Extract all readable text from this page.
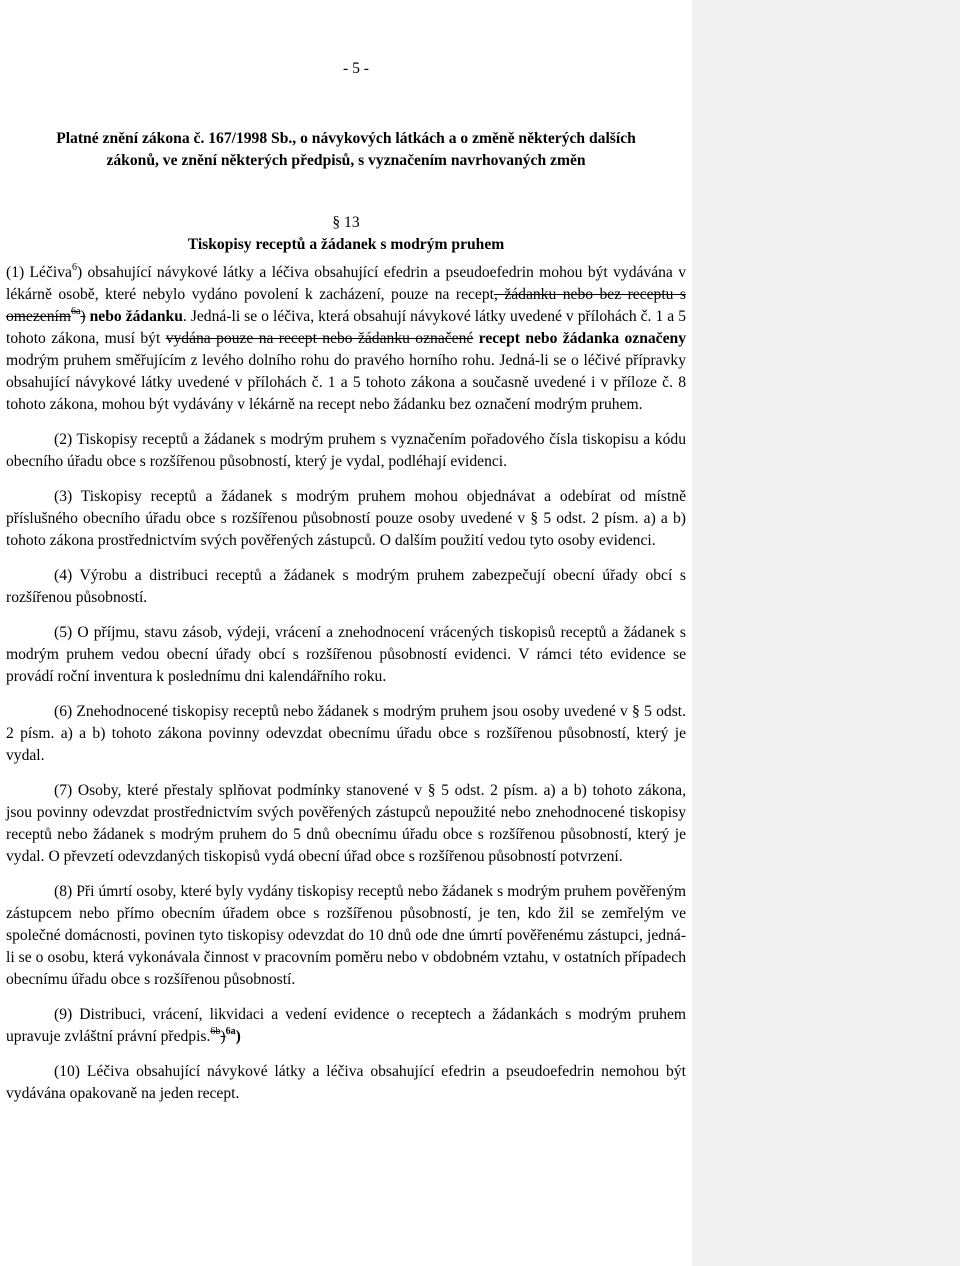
- 5 -
Platné znění zákona č. 167/1998 Sb., o návykových látkách a o změně některých dalších
zákonů, ve znění některých předpisů, s vyznačením navrhovaných změn
§ 13
Tiskopisy receptů a žádanek s modrým pruhem

(1) Léčiva$^6$) obsahující návykové látky a léčiva obsahující efedrin a pseudoefedrin mohou být vydávána v lékárně osobě, které nebylo vydáno povolení k zacházení, pouze na recept, žádanku nebo bez receptu s omezením$^{6a}$) nebo žádanku. Jedná-li se o léčiva, která obsahují návykové látky uvedené v přílohách č. 1 a 5 tohoto zákona, musí být vydána pouze na recept nebo žádanku označené recept nebo žádanka označeny modrým pruhem směřujícím z levého dolního rohu do pravého horního rohu. Jedná-li se o léčivé přípravky obsahující návykové látky uvedené v přílohách č. 1 a 5 tohoto zákona a současně uvedené i v příloze č. 8 tohoto zákona, mohou být vydávány v lékárně na recept nebo žádanku bez označení modrým pruhem.

(2) Tiskopisy receptů a žádanek s modrým pruhem s vyznačením pořadového čísla tiskopisu a kódu obecního úřadu obce s rozšířenou působností, který je vydal, podléhají evidenci.

(3) Tiskopisy receptů a žádanek s modrým pruhem mohou objednávat a odebírat od místně příslušného obecního úřadu obce s rozšířenou působností pouze osoby uvedené v § 5 odst. 2 písm. a) a b) tohoto zákona prostřednictvím svých pověřených zástupců. O dalším použití vedou tyto osoby evidenci.

(4) Výrobu a distribuci receptů a žádanek s modrým pruhem zabezpečují obecní úřady obcí s rozšířenou působností.

(5) O příjmu, stavu zásob, výdeji, vrácení a znehodnocení vrácených tiskopisů receptů a žádanek s modrým pruhem vedou obecní úřady obcí s rozšířenou působností evidenci. V rámci této evidence se provádí roční inventura k poslednímu dni kalendářního roku.

(6) Znehodnocené tiskopisy receptů nebo žádanek s modrým pruhem jsou osoby uvedené v § 5 odst. 2 písm. a) a b) tohoto zákona povinny odevzdat obecnímu úřadu obce s rozšířenou působností, který je vydal.

(7) Osoby, které přestaly splňovat podmínky stanovené v § 5 odst. 2 písm. a) a b) tohoto zákona, jsou povinny odevzdat prostřednictvím svých pověřených zástupců nepoužité nebo znehodnocené tiskopisy receptů nebo žádanek s modrým pruhem do 5 dnů obecnímu úřadu obce s rozšířenou působností, který je vydal. O převzetí odevzdaných tiskopisů vydá obecní úřad obce s rozšířenou působností potvrzení.

(8) Při úmrtí osoby, které byly vydány tiskopisy receptů nebo žádanek s modrým pruhem pověřeným zástupcem nebo přímo obecním úřadem obce s rozšířenou působností, je ten, kdo žil se zemřelým ve společné domácnosti, povinen tyto tiskopisy odevzdat do 10 dnů ode dne úmrtí pověřenému zástupci, jedná-li se o osobu, která vykonávala činnost v pracovním poměru nebo v obdobném vztahu, v ostatních případech obecnímu úřadu obce s rozšířenou působností.

(9) Distribuci, vrácení, likvidaci a vedení evidence o receptech a žádankách s modrým pruhem upravuje zvláštní právní předpis.$^{6b}$)$^{6a}$)

(10) Léčiva obsahující návykové látky a léčiva obsahující efedrin a pseudoefedrin nemohou být vydávána opakovaně na jeden recept.
